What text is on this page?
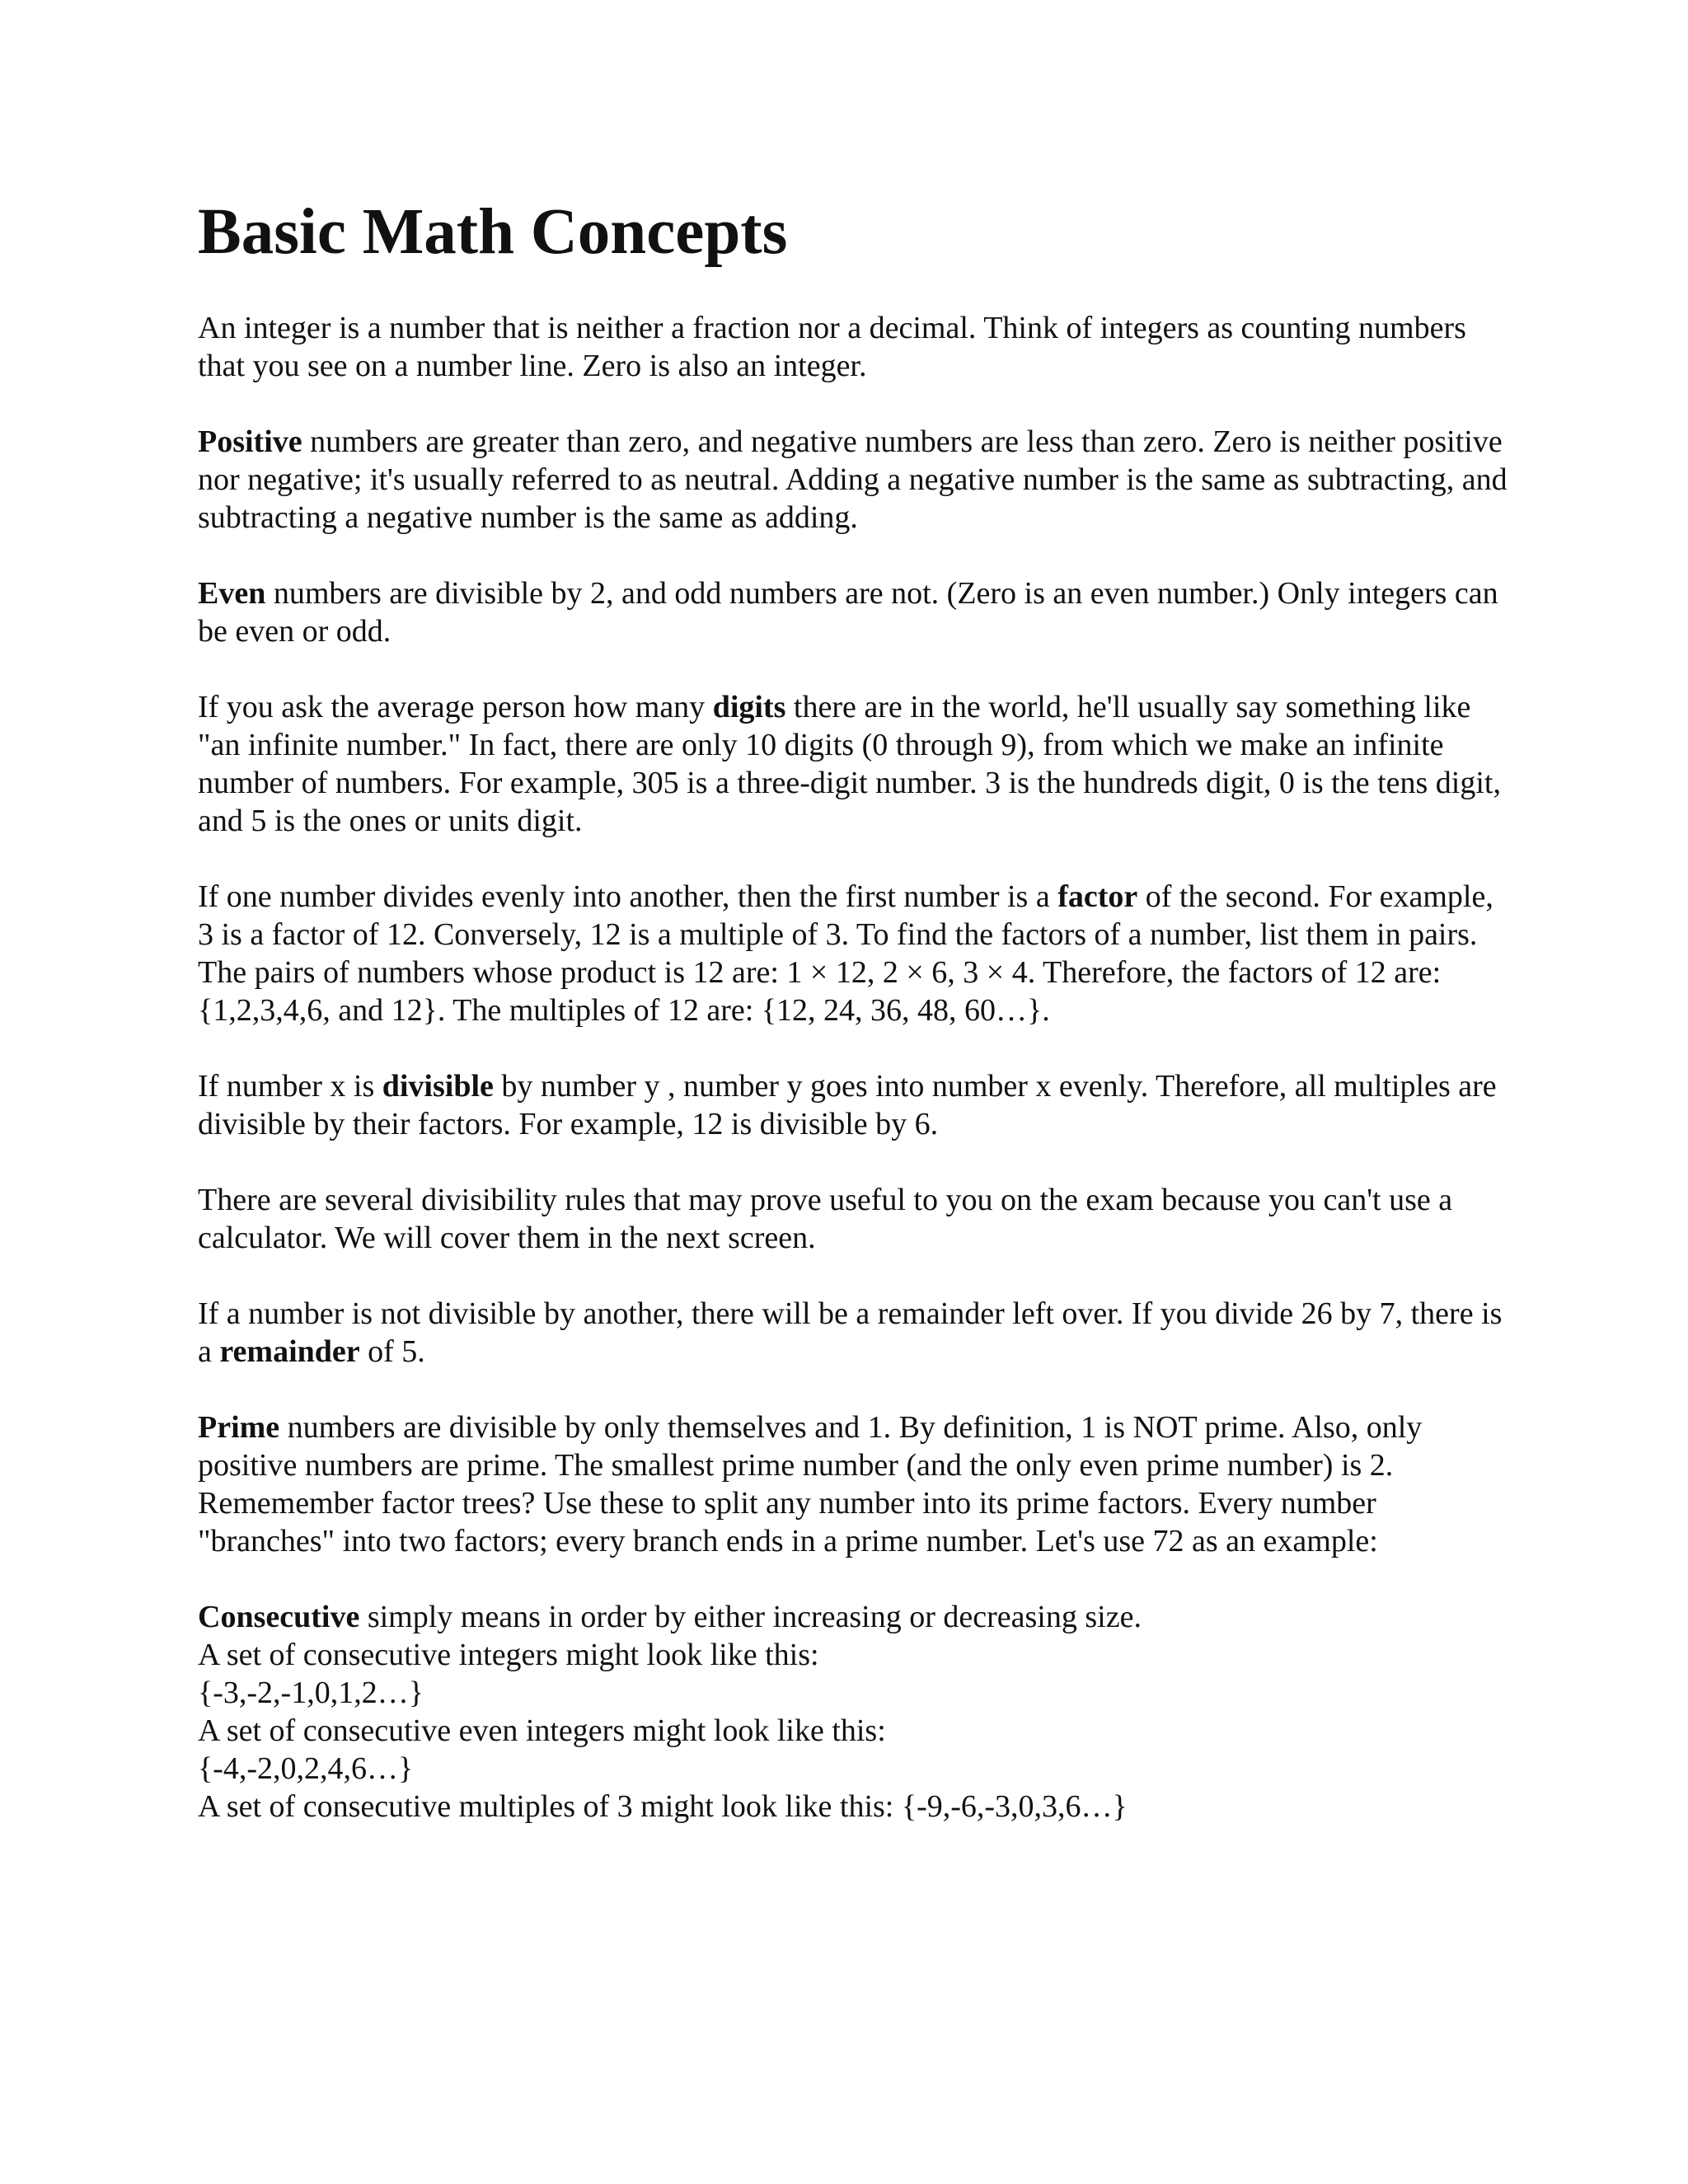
Basic Math Concepts

An integer is a number that is neither a fraction nor a decimal. Think of integers as counting numbers that you see on a number line. Zero is also an integer.

Positive numbers are greater than zero, and negative numbers are less than zero. Zero is neither positive nor negative; it's usually referred to as neutral. Adding a negative number is the same as subtracting, and subtracting a negative number is the same as adding.

Even numbers are divisible by 2, and odd numbers are not. (Zero is an even number.) Only integers can be even or odd.

If you ask the average person how many digits there are in the world, he'll usually say something like "an infinite number." In fact, there are only 10 digits (0 through 9), from which we make an infinite number of numbers. For example, 305 is a three-digit number. 3 is the hundreds digit, 0 is the tens digit, and 5 is the ones or units digit.

If one number divides evenly into another, then the first number is a factor of the second. For example, 3 is a factor of 12. Conversely, 12 is a multiple of 3. To find the factors of a number, list them in pairs. The pairs of numbers whose product is 12 are: 1 × 12, 2 × 6, 3 × 4. Therefore, the factors of 12 are: {1,2,3,4,6, and 12}. The multiples of 12 are: {12, 24, 36, 48, 60…}.

If number x is divisible by number y , number y goes into number x evenly. Therefore, all multiples are divisible by their factors. For example, 12 is divisible by 6.

There are several divisibility rules that may prove useful to you on the exam because you can't use a calculator. We will cover them in the next screen.

If a number is not divisible by another, there will be a remainder left over. If you divide 26 by 7, there is a remainder of 5.

Prime numbers are divisible by only themselves and 1. By definition, 1 is NOT prime. Also, only positive numbers are prime. The smallest prime number (and the only even prime number) is 2. Rememember factor trees? Use these to split any number into its prime factors. Every number "branches" into two factors; every branch ends in a prime number. Let's use 72 as an example:

Consecutive simply means in order by either increasing or decreasing size.
A set of consecutive integers might look like this:
{-3,-2,-1,0,1,2…}
A set of consecutive even integers might look like this:
{-4,-2,0,2,4,6…}
A set of consecutive multiples of 3 might look like this: {-9,-6,-3,0,3,6…}
